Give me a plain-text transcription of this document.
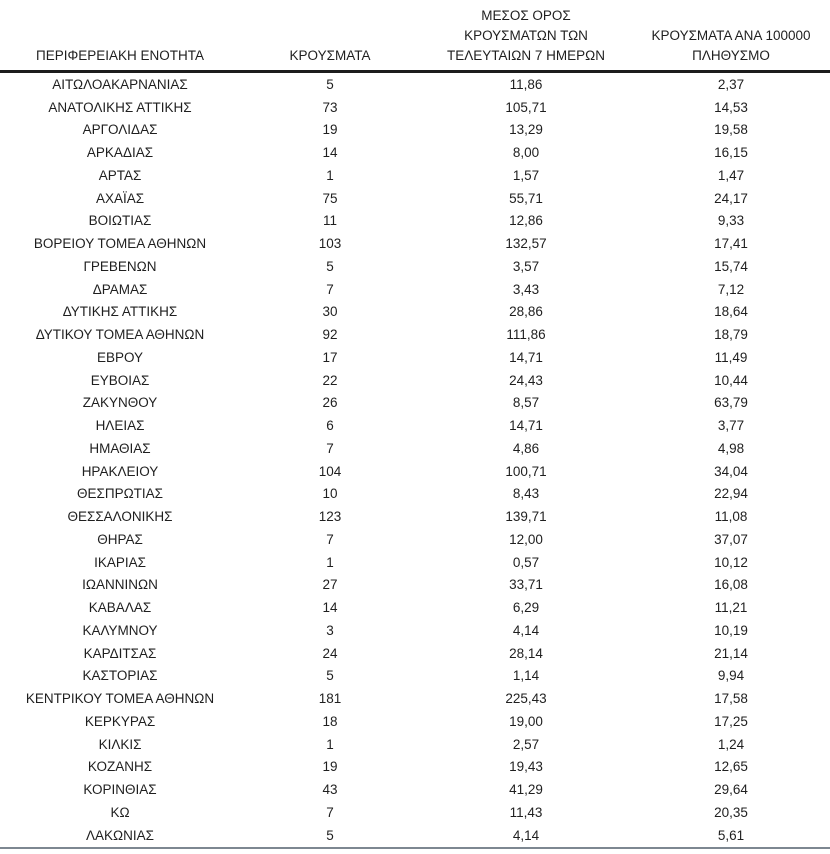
ΠΕΡΙΦΕΡΕΙΑΚΗ ΕΝΟΤΗΤΑ	ΚΡΟΥΣΜΑΤΑ	ΜΕΣΟΣ ΟΡΟΣ
ΚΡΟΥΣΜΑΤΩΝ ΤΩΝ
ΤΕΛΕΥΤΑΙΩΝ 7 ΗΜΕΡΩΝ	ΚΡΟΥΣΜΑΤΑ ΑΝΑ 100000
ΠΛΗΘΥΣΜΟ

ΑΙΤΩΛΟΑΚΑΡΝΑΝΙΑΣ	5	11,86	2,37
ΑΝΑΤΟΛΙΚΗΣ ΑΤΤΙΚΗΣ	73	105,71	14,53
ΑΡΓΟΛΙΔΑΣ	19	13,29	19,58
ΑΡΚΑΔΙΑΣ	14	8,00	16,15
ΑΡΤΑΣ	1	1,57	1,47
ΑΧΑΪΑΣ	75	55,71	24,17
ΒΟΙΩΤΙΑΣ	11	12,86	9,33
ΒΟΡΕΙΟΥ ΤΟΜΕΑ ΑΘΗΝΩΝ	103	132,57	17,41
ΓΡΕΒΕΝΩΝ	5	3,57	15,74
ΔΡΑΜΑΣ	7	3,43	7,12
ΔΥΤΙΚΗΣ ΑΤΤΙΚΗΣ	30	28,86	18,64
ΔΥΤΙΚΟΥ ΤΟΜΕΑ ΑΘΗΝΩΝ	92	111,86	18,79
ΕΒΡΟΥ	17	14,71	11,49
ΕΥΒΟΙΑΣ	22	24,43	10,44
ΖΑΚΥΝΘΟΥ	26	8,57	63,79
ΗΛΕΙΑΣ	6	14,71	3,77
ΗΜΑΘΙΑΣ	7	4,86	4,98
ΗΡΑΚΛΕΙΟΥ	104	100,71	34,04
ΘΕΣΠΡΩΤΙΑΣ	10	8,43	22,94
ΘΕΣΣΑΛΟΝΙΚΗΣ	123	139,71	11,08
ΘΗΡΑΣ	7	12,00	37,07
ΙΚΑΡΙΑΣ	1	0,57	10,12
ΙΩΑΝΝΙΝΩΝ	27	33,71	16,08
ΚΑΒΑΛΑΣ	14	6,29	11,21
ΚΑΛΥΜΝΟΥ	3	4,14	10,19
ΚΑΡΔΙΤΣΑΣ	24	28,14	21,14
ΚΑΣΤΟΡΙΑΣ	5	1,14	9,94
ΚΕΝΤΡΙΚΟΥ ΤΟΜΕΑ ΑΘΗΝΩΝ	181	225,43	17,58
ΚΕΡΚΥΡΑΣ	18	19,00	17,25
ΚΙΛΚΙΣ	1	2,57	1,24
ΚΟΖΑΝΗΣ	19	19,43	12,65
ΚΟΡΙΝΘΙΑΣ	43	41,29	29,64
ΚΩ	7	11,43	20,35
ΛΑΚΩΝΙΑΣ	5	4,14	5,61
